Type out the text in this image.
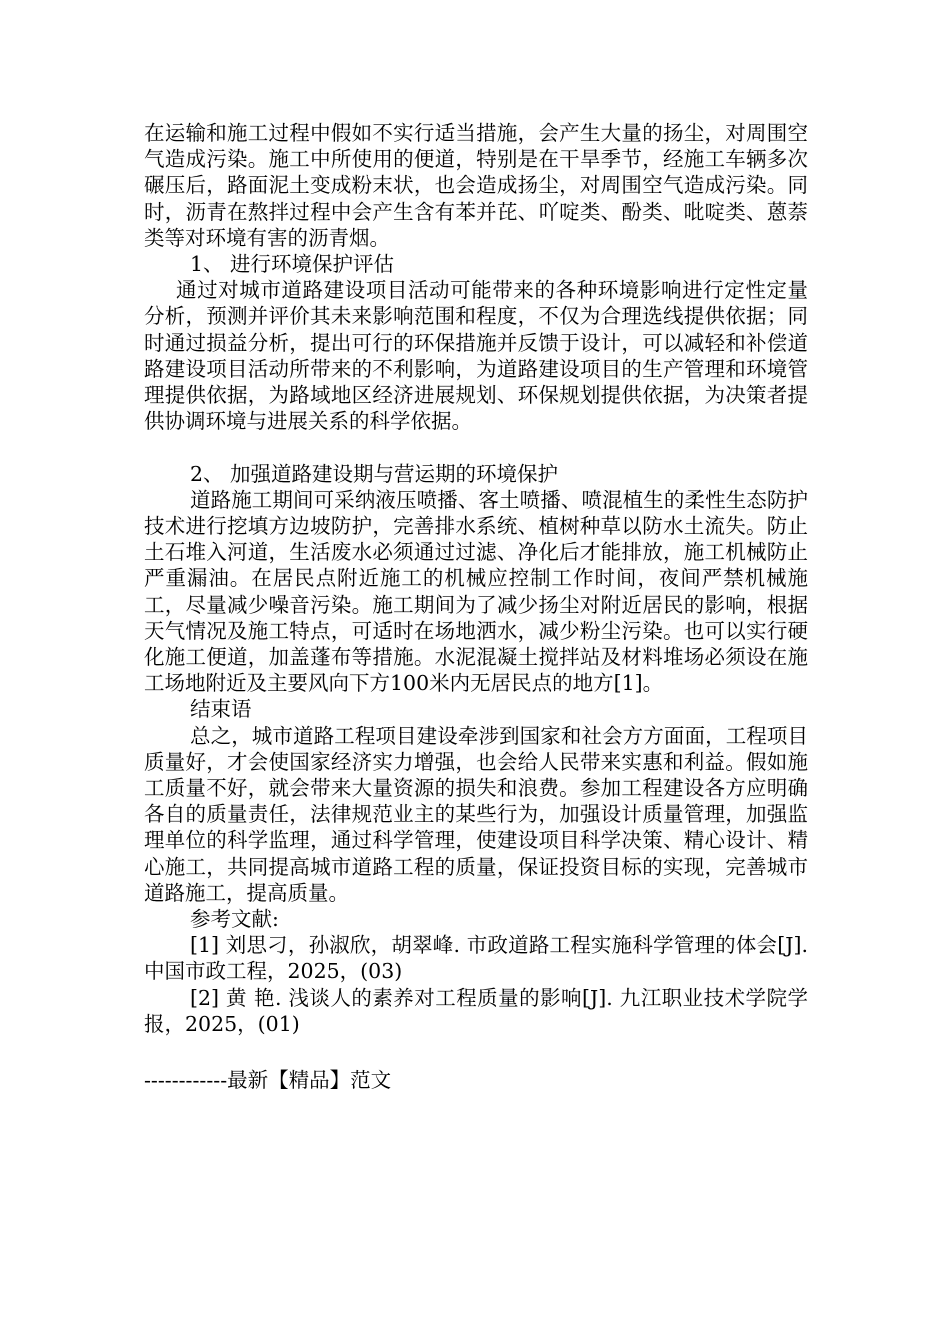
在运输和施工过程中假如不实行适当措施，会产生大量的扬尘，对周围空气造成污染。施工中所使用的便道，特别是在干旱季节，经施工车辆多次碾压后，路面泥土变成粉末状，也会造成扬尘，对周围空气造成污染。同时，沥青在熬拌过程中会产生含有苯并芘、吖啶类、酚类、吡啶类、蒽萘类等对环境有害的沥青烟。

1、 进行环境保护评估

通过对城市道路建设项目活动可能带来的各种环境影响进行定性定量分析，预测并评价其未来影响范围和程度，不仅为合理选线提供依据；同时通过损益分析，提出可行的环保措施并反馈于设计，可以减轻和补偿道路建设项目活动所带来的不利影响，为道路建设项目的生产管理和环境管理提供依据，为路域地区经济进展规划、环保规划提供依据，为决策者提供协调环境与进展关系的科学依据。

2、 加强道路建设期与营运期的环境保护

道路施工期间可采纳液压喷播、客土喷播、喷混植生的柔性生态防护技术进行挖填方边坡防护，完善排水系统、植树种草以防水土流失。防止土石堆入河道，生活废水必须通过过滤、净化后才能排放，施工机械防止严重漏油。在居民点附近施工的机械应控制工作时间，夜间严禁机械施工，尽量减少噪音污染。施工期间为了减少扬尘对附近居民的影响，根据天气情况及施工特点，可适时在场地洒水，减少粉尘污染。也可以实行硬化施工便道，加盖蓬布等措施。水泥混凝土搅拌站及材料堆场必须设在施工场地附近及主要风向下方100米内无居民点的地方[1]。

结束语

总之，城市道路工程项目建设牵涉到国家和社会方方面面，工程项目质量好，才会使国家经济实力增强，也会给人民带来实惠和利益。假如施工质量不好，就会带来大量资源的损失和浪费。参加工程建设各方应明确各自的质量责任，法律规范业主的某些行为，加强设计质量管理，加强监理单位的科学监理，通过科学管理，使建设项目科学决策、精心设计、精心施工，共同提高城市道路工程的质量，保证投资目标的实现，完善城市道路施工，提高质量。

参考文献:

[1] 刘思刁，孙淑欣，胡翠峰. 市政道路工程实施科学管理的体会[J]. 中国市政工程，2025，(03)

[2] 黄 艳. 浅谈人的素养对工程质量的影响[J]. 九江职业技术学院学报，2025，(01)

------------最新【精品】范文
